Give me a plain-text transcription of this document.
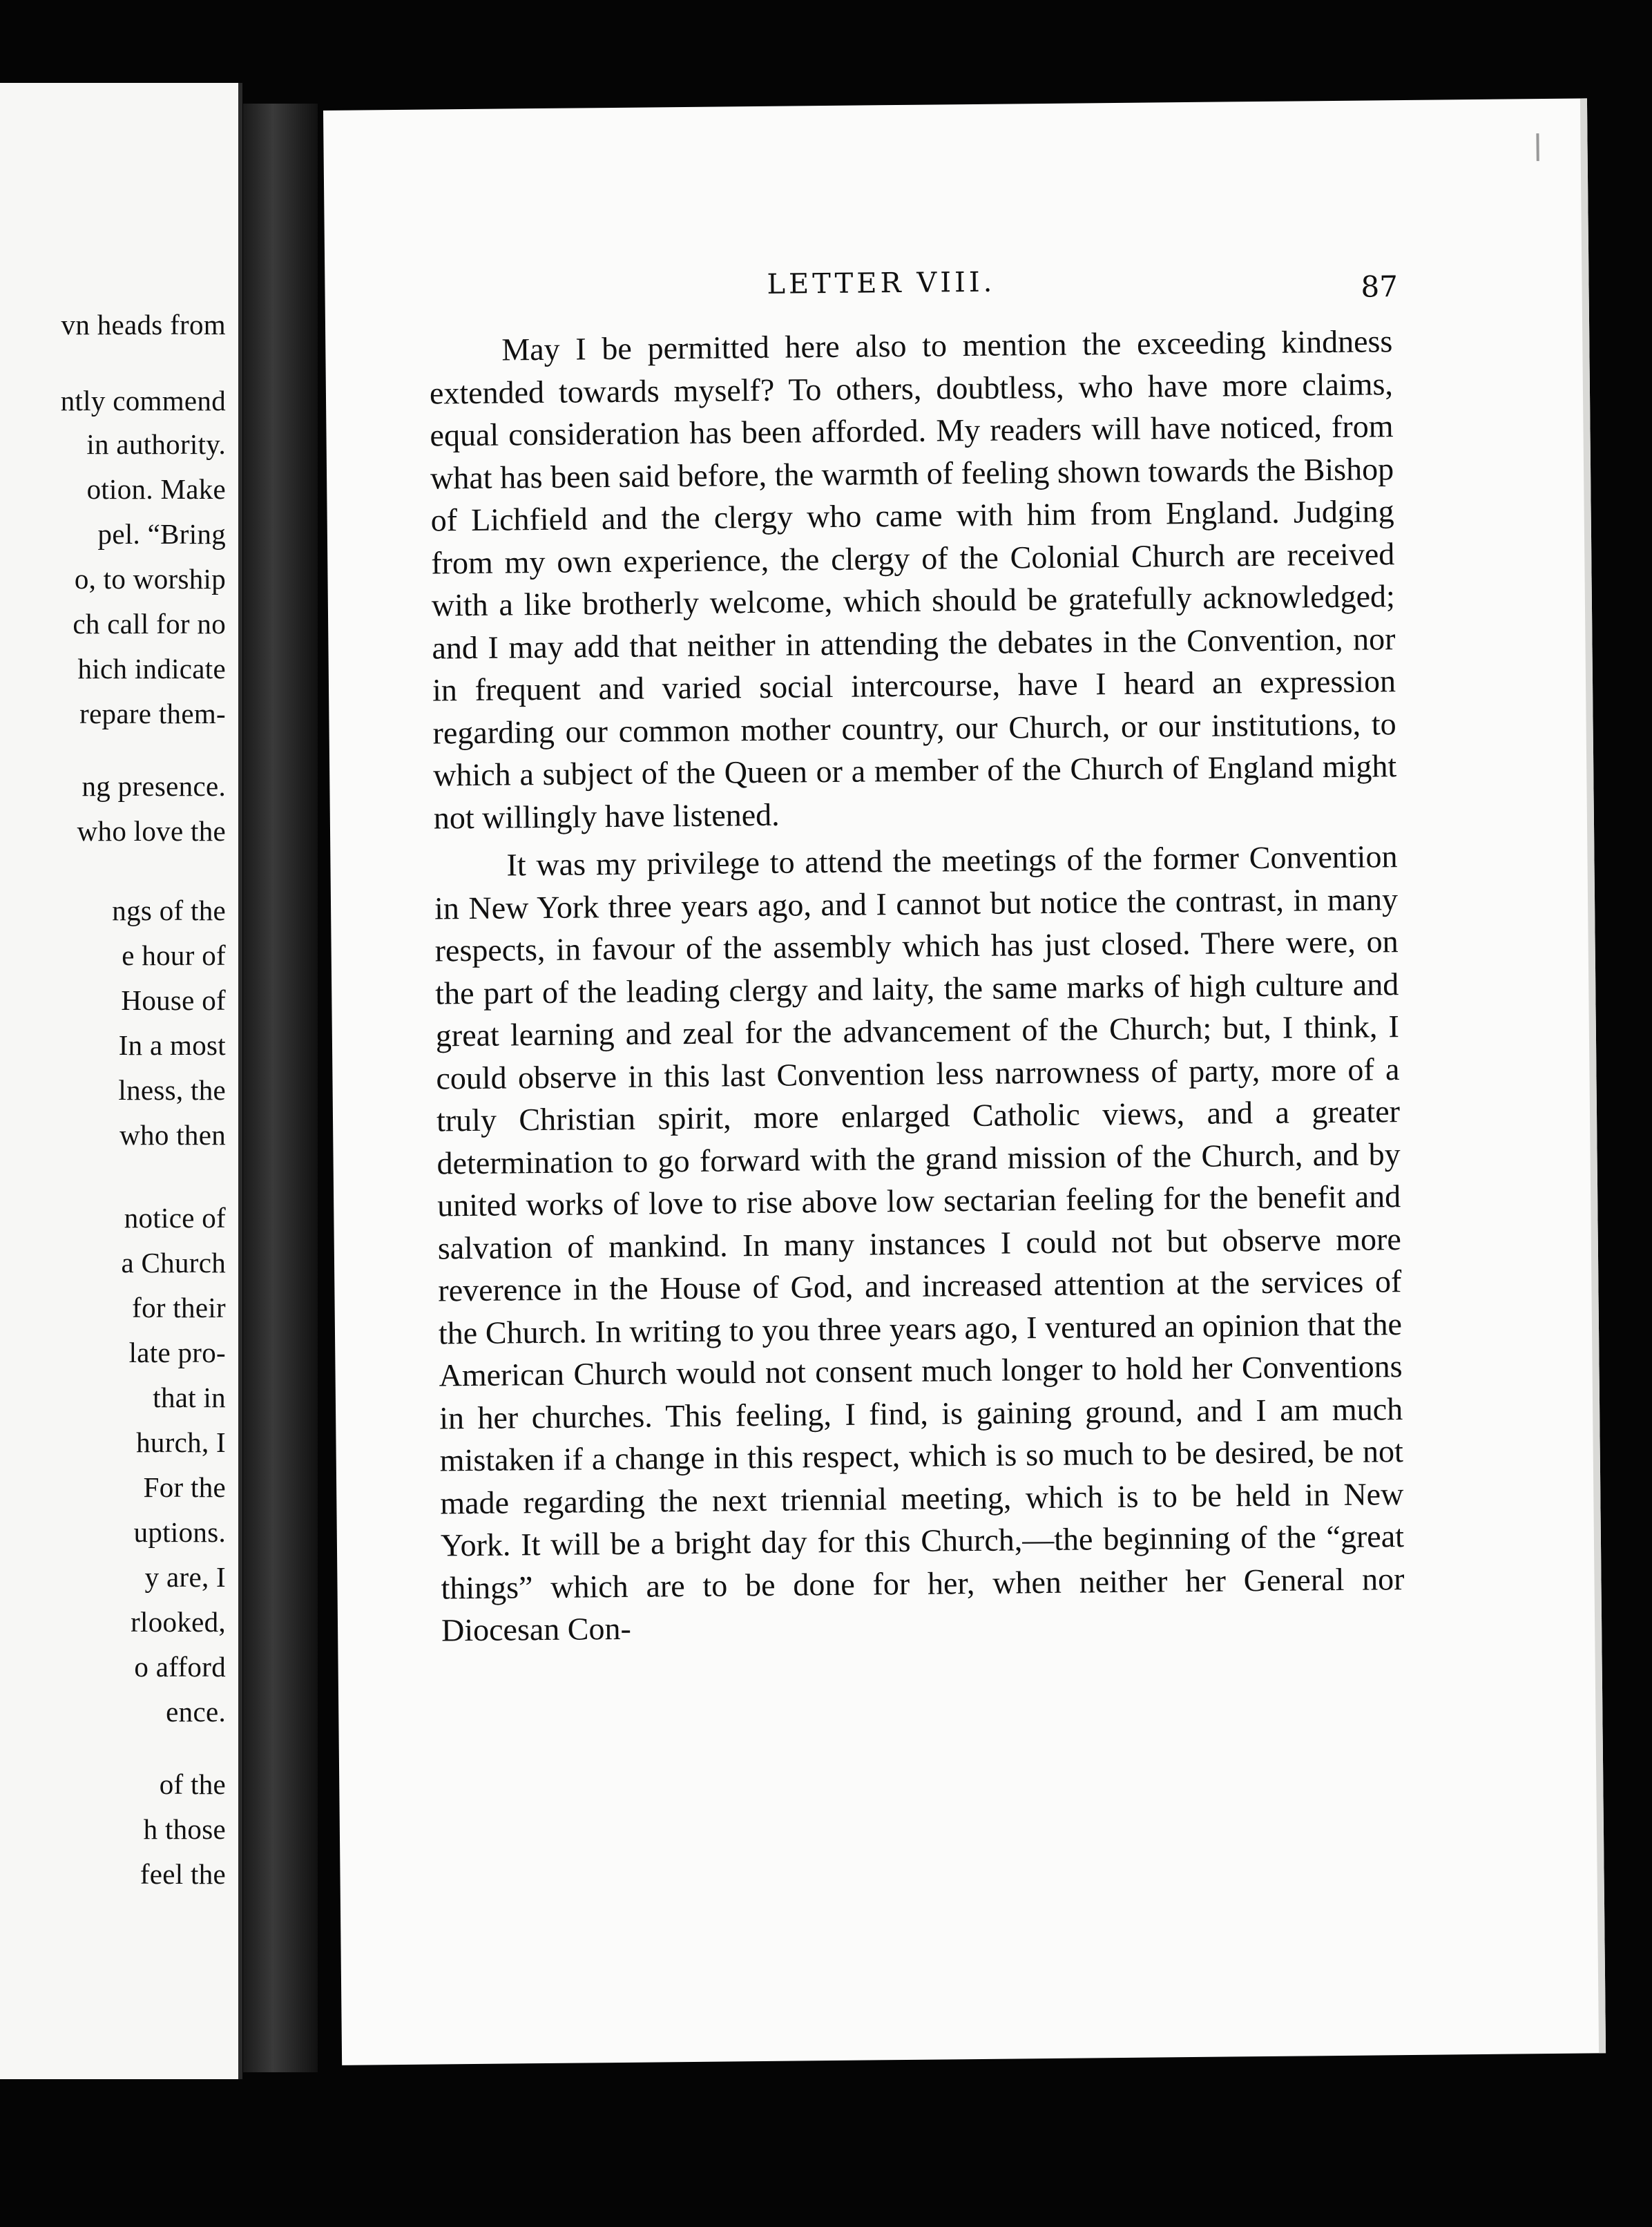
vn heads from
ntly commend
in authority.
otion. Make
pel. “Bring
o, to worship
ch call for no
hich indicate
repare them-
ng presence.
who love the
ngs of the
e hour of
House of
In a most
lness, the
who then
notice of
a Church
for their
late pro-
that in
hurch, I
For the
uptions.
y are, I
rlooked,
o afford
ence.
of the
h those
feel the
LETTER VIII.	87

May I be permitted here also to mention the exceeding kindness extended towards myself? To others, doubtless, who have more claims, equal consideration has been afforded. My readers will have noticed, from what has been said before, the warmth of feeling shown towards the Bishop of Lichfield and the clergy who came with him from England. Judging from my own experience, the clergy of the Colonial Church are received with a like brotherly welcome, which should be gratefully acknowledged; and I may add that neither in attending the debates in the Convention, nor in frequent and varied social intercourse, have I heard an expression regarding our common mother country, our Church, or our institutions, to which a subject of the Queen or a member of the Church of England might not willingly have listened.

It was my privilege to attend the meetings of the former Convention in New York three years ago, and I cannot but notice the contrast, in many respects, in favour of the assembly which has just closed. There were, on the part of the leading clergy and laity, the same marks of high culture and great learning and zeal for the advancement of the Church; but, I think, I could observe in this last Convention less narrowness of party, more of a truly Christian spirit, more enlarged Catholic views, and a greater determination to go forward with the grand mission of the Church, and by united works of love to rise above low sectarian feeling for the benefit and salvation of mankind. In many instances I could not but observe more reverence in the House of God, and increased attention at the services of the Church. In writing to you three years ago, I ventured an opinion that the American Church would not consent much longer to hold her Conventions in her churches. This feeling, I find, is gaining ground, and I am much mistaken if a change in this respect, which is so much to be desired, be not made regarding the next triennial meeting, which is to be held in New York. It will be a bright day for this Church,—the beginning of the “great things” which are to be done for her, when neither her General nor Diocesan Con-
